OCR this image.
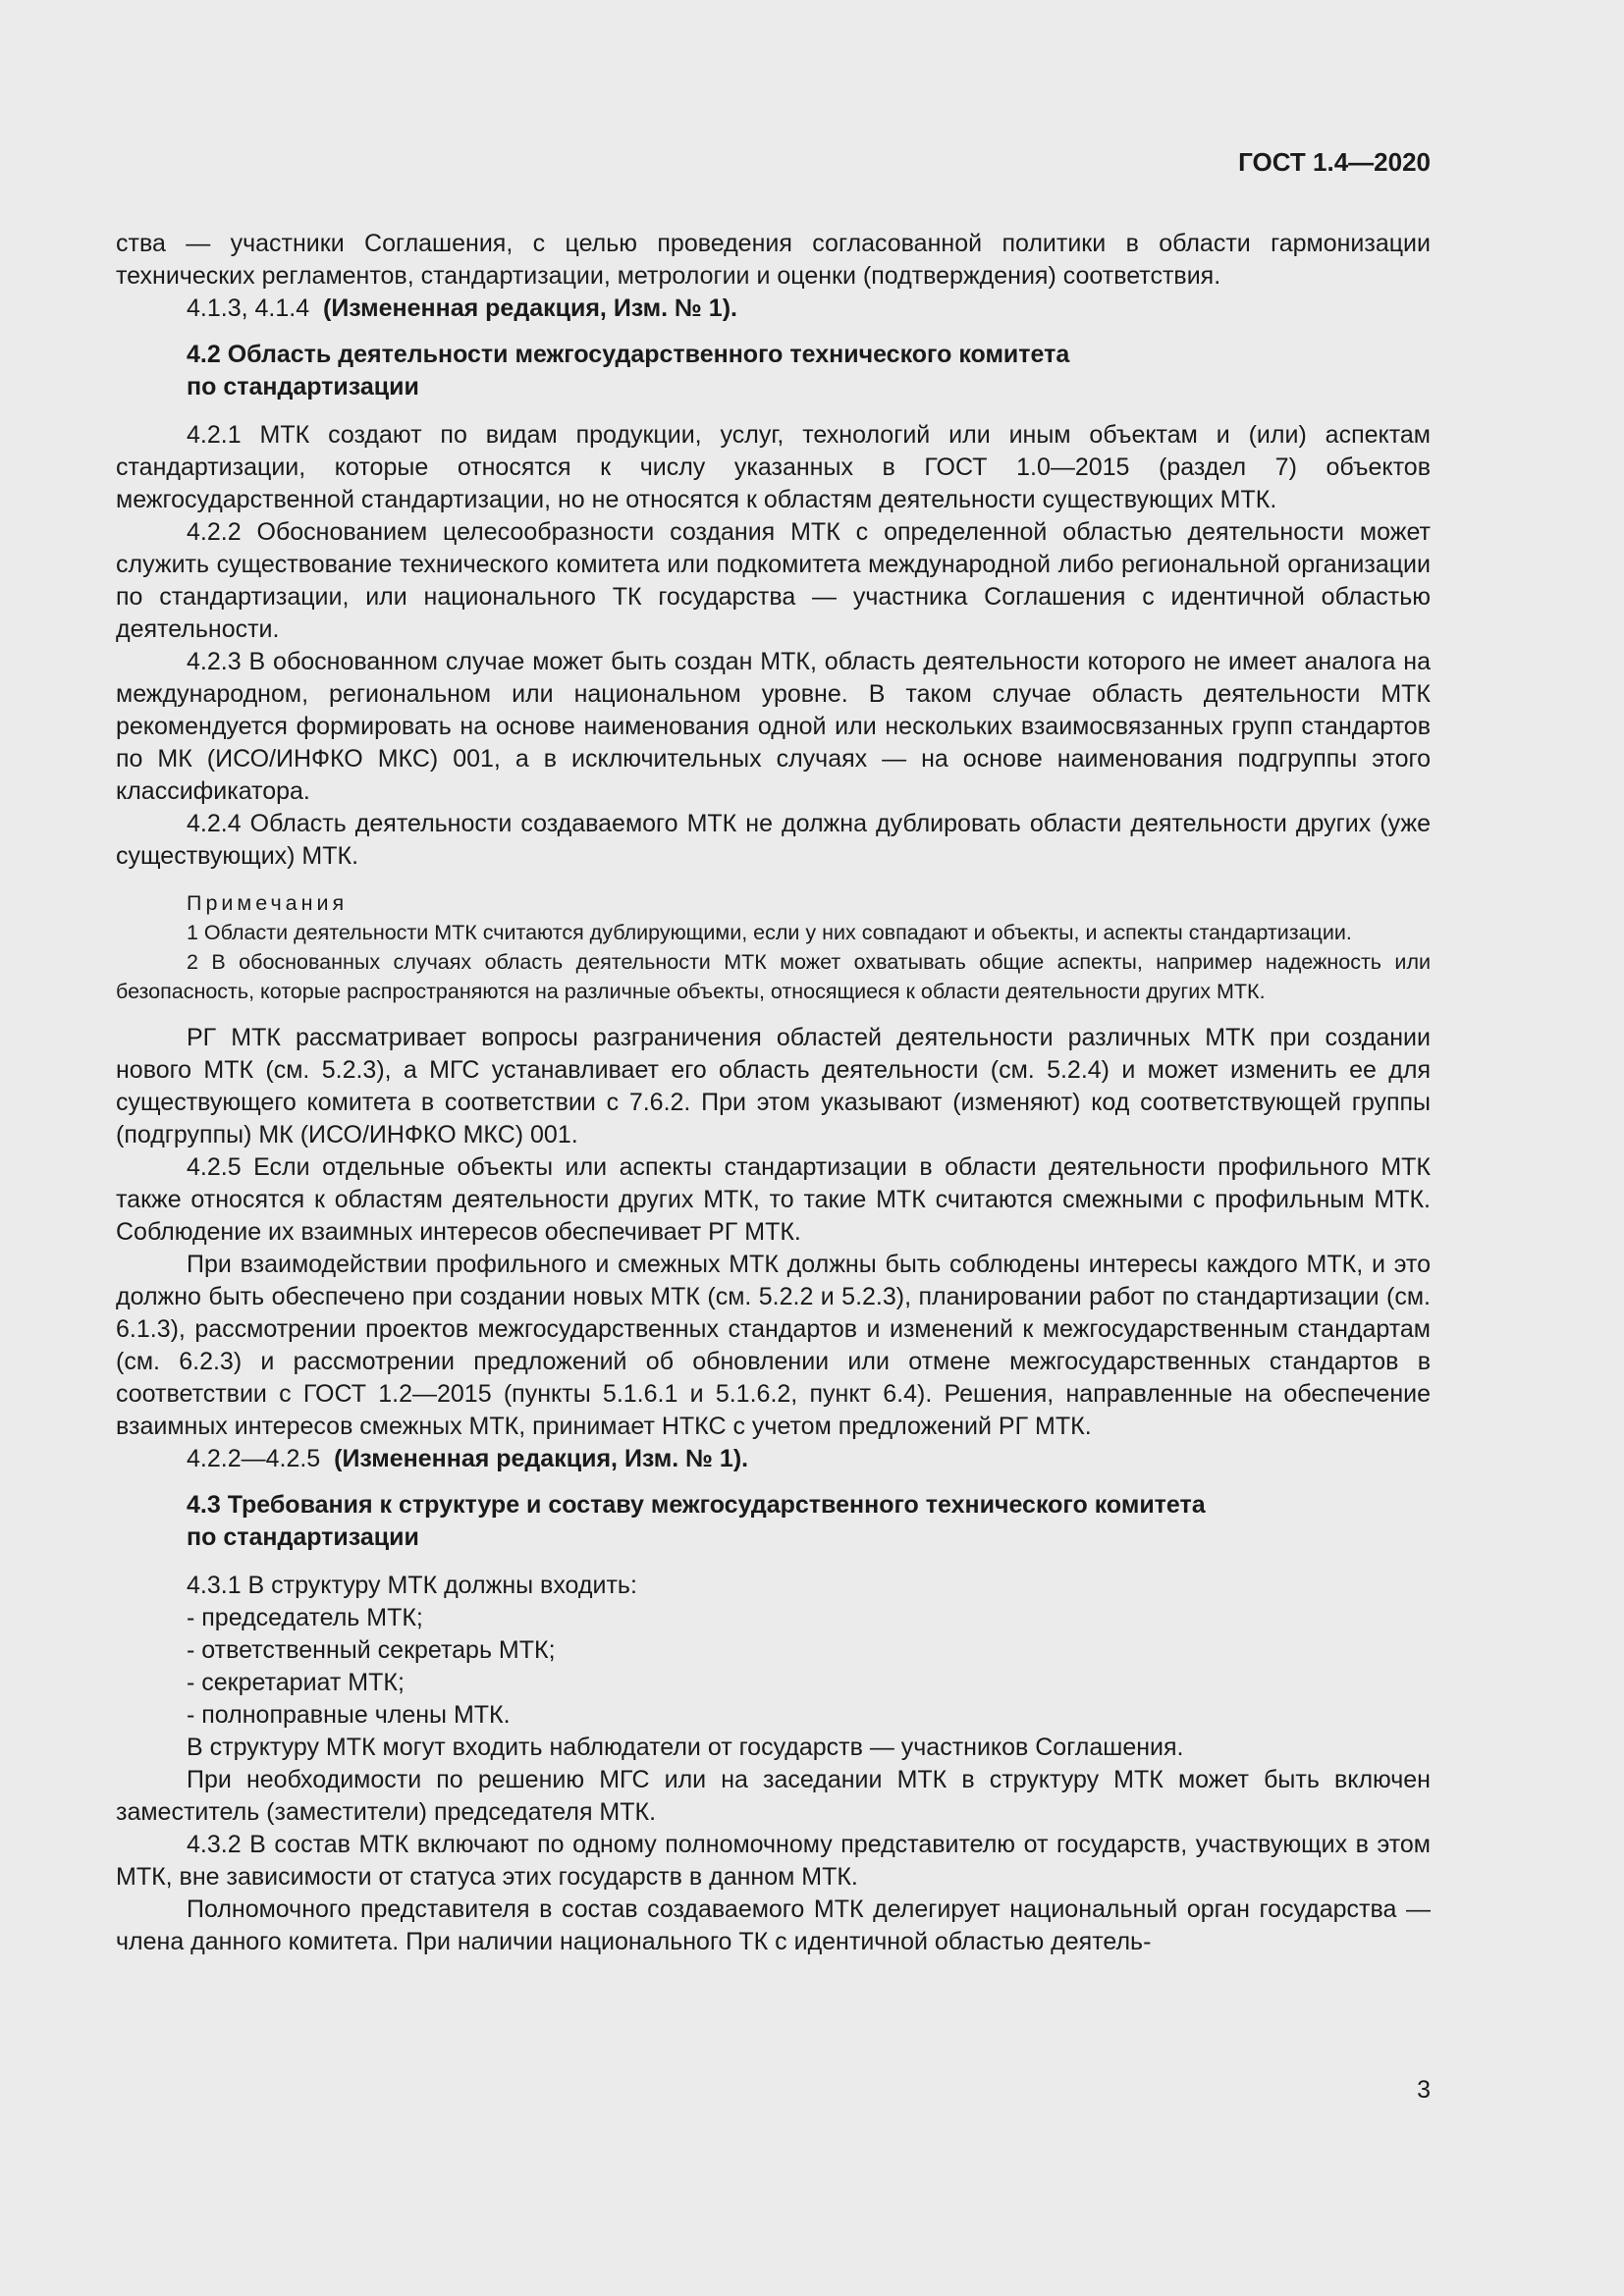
ГОСТ 1.4—2020

ства — участники Соглашения, с целью проведения согласованной политики в области гармонизации технических регламентов, стандартизации, метрологии и оценки (подтверждения) соответствия.

4.1.3, 4.1.4 (Измененная редакция, Изм. № 1).

4.2 Область деятельности межгосударственного технического комитета
по стандартизации

4.2.1 МТК создают по видам продукции, услуг, технологий или иным объектам и (или) аспектам стандартизации, которые относятся к числу указанных в ГОСТ 1.0—2015 (раздел 7) объектов межгосударственной стандартизации, но не относятся к областям деятельности существующих МТК.

4.2.2 Обоснованием целесообразности создания МТК с определенной областью деятельности может служить существование технического комитета или подкомитета международной либо региональной организации по стандартизации, или национального ТК государства — участника Соглашения с идентичной областью деятельности.

4.2.3 В обоснованном случае может быть создан МТК, область деятельности которого не имеет аналога на международном, региональном или национальном уровне. В таком случае область деятельности МТК рекомендуется формировать на основе наименования одной или нескольких взаимосвязанных групп стандартов по МК (ИСО/ИНФКО МКС) 001, а в исключительных случаях — на основе наименования подгруппы этого классификатора.

4.2.4 Область деятельности создаваемого МТК не должна дублировать области деятельности других (уже существующих) МТК.

Примечания

1 Области деятельности МТК считаются дублирующими, если у них совпадают и объекты, и аспекты стандартизации.

2 В обоснованных случаях область деятельности МТК может охватывать общие аспекты, например надежность или безопасность, которые распространяются на различные объекты, относящиеся к области деятельности других МТК.

РГ МТК рассматривает вопросы разграничения областей деятельности различных МТК при создании нового МТК (см. 5.2.3), а МГС устанавливает его область деятельности (см. 5.2.4) и может изменить ее для существующего комитета в соответствии с 7.6.2. При этом указывают (изменяют) код соответствующей группы (подгруппы) МК (ИСО/ИНФКО МКС) 001.

4.2.5 Если отдельные объекты или аспекты стандартизации в области деятельности профильного МТК также относятся к областям деятельности других МТК, то такие МТК считаются смежными с профильным МТК. Соблюдение их взаимных интересов обеспечивает РГ МТК.

При взаимодействии профильного и смежных МТК должны быть соблюдены интересы каждого МТК, и это должно быть обеспечено при создании новых МТК (см. 5.2.2 и 5.2.3), планировании работ по стандартизации (см. 6.1.3), рассмотрении проектов межгосударственных стандартов и изменений к межгосударственным стандартам (см. 6.2.3) и рассмотрении предложений об обновлении или отмене межгосударственных стандартов в соответствии с ГОСТ 1.2—2015 (пункты 5.1.6.1 и 5.1.6.2, пункт 6.4). Решения, направленные на обеспечение взаимных интересов смежных МТК, принимает НТКС с учетом предложений РГ МТК.

4.2.2—4.2.5 (Измененная редакция, Изм. № 1).

4.3 Требования к структуре и составу межгосударственного технического комитета
по стандартизации

4.3.1 В структуру МТК должны входить:

- председатель МТК;
- ответственный секретарь МТК;
- секретариат МТК;
- полноправные члены МТК.

В структуру МТК могут входить наблюдатели от государств — участников Соглашения.

При необходимости по решению МГС или на заседании МТК в структуру МТК может быть включен заместитель (заместители) председателя МТК.

4.3.2 В состав МТК включают по одному полномочному представителю от государств, участвующих в этом МТК, вне зависимости от статуса этих государств в данном МТК.

Полномочного представителя в состав создаваемого МТК делегирует национальный орган государства — члена данного комитета. При наличии национального ТК с идентичной областью деятель-

3
